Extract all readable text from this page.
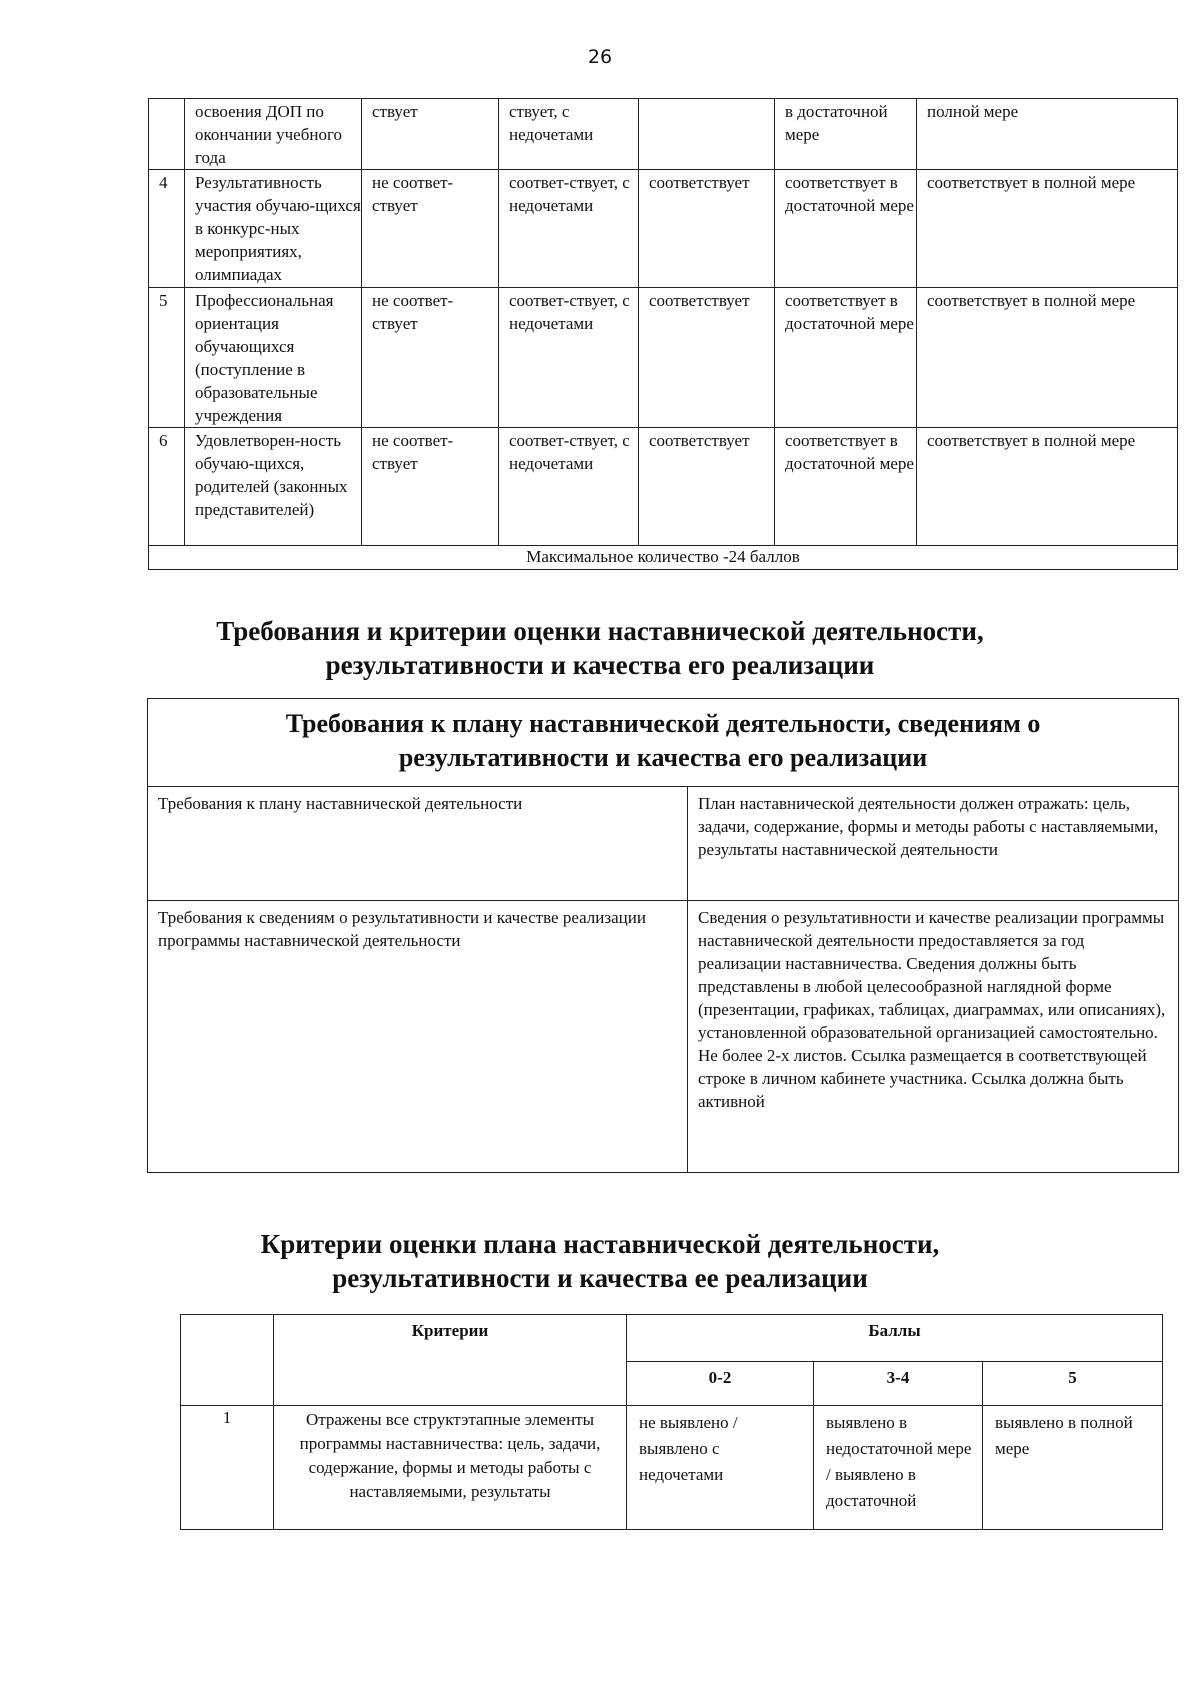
26
	освоения ДОП по окончании учебного года	ствует	ствует, с недочетами		в достаточной мере	полной мере
4	Результативность участия обучаю-щихся в конкурс-ных мероприятиях, олимпиадах	не соответ-ствует	соответ-ствует, с недочетами	соответствует	соответствует в достаточной мере	соответствует в полной мере
5	Профессиональная ориентация обучающихся (поступление в образовательные учреждения	не соответ-ствует	соответ-ствует, с недочетами	соответствует	соответствует в достаточной мере	соответствует в полной мере
6	Удовлетворен-ность обучаю-щихся, родителей (законных представителей)	не соответ-ствует	соответ-ствует, с недочетами	соответствует	соответствует в достаточной мере	соответствует в полной мере
Максимальное количество -24 баллов						
Требования и критерии оценки наставнической деятельности,
результативности и качества его реализации
Требования к плану наставнической деятельности, сведениям о
результативности и качества его реализации	

Требования к плану наставнической деятельности	План наставнической деятельности должен отражать: цель, задачи, содержание, формы и методы работы с наставляемыми, результаты наставнической деятельности
Требования к сведениям о результативности и качестве реализации программы наставнической деятельности	Сведения о результативности и качестве реализации программы наставнической деятельности предоставляется за год реализации наставничества. Сведения должны быть представлены в любой целесообразной наглядной форме (презентации, графиках, таблицах, диаграммах, или описаниях), установленной образовательной организацией самостоятельно. Не более 2-х листов. Ссылка размещается в соответствующей строке в личном кабинете участника. Ссылка должна быть активной
Критерии оценки плана наставнической деятельности,
результативности и качества ее реализации
	Критерии	Баллы		
		0-2	3-4	5
1	Отражены все структэтапные элементы программы наставничества: цель, задачи, содержание, формы и методы работы с наставляемыми, результаты	не выявлено / выявлено с недочетами	выявлено в недостаточной мере / выявлено в достаточной	выявлено в полной мере
